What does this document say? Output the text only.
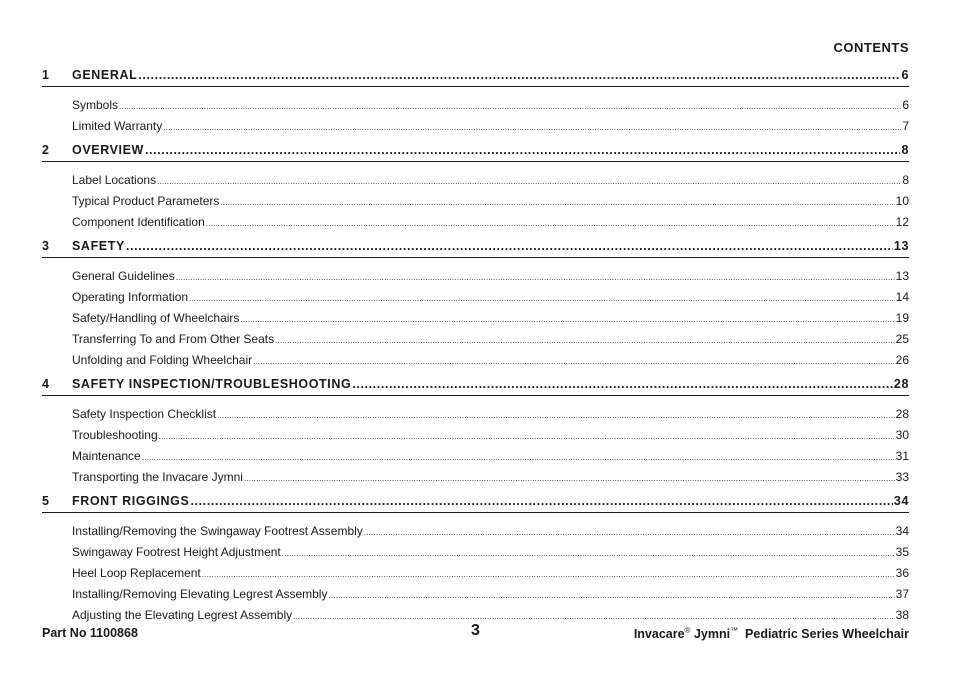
CONTENTS
1 GENERAL .....	6
Symbols .....	6
Limited Warranty .....	7
2 OVERVIEW .....	8
Label Locations .....	8
Typical Product Parameters .....	10
Component Identification .....	12
3 SAFETY .....	13
General Guidelines .....	13
Operating Information .....	14
Safety/Handling of Wheelchairs .....	19
Transferring To and From Other Seats .....	25
Unfolding and Folding Wheelchair .....	26
4 SAFETY INSPECTION/TROUBLESHOOTING .....	28
Safety Inspection Checklist .....	28
Troubleshooting .....	30
Maintenance .....	31
Transporting the Invacare Jymni .....	33
5 FRONT RIGGINGS .....	34
Installing/Removing the Swingaway Footrest Assembly .....	34
Swingaway Footrest Height Adjustment .....	35
Heel Loop Replacement .....	36
Installing/Removing Elevating Legrest Assembly .....	37
Adjusting the Elevating Legrest Assembly .....	38
Part No 1100868	3	Invacare® Jymni™ Pediatric Series Wheelchair
